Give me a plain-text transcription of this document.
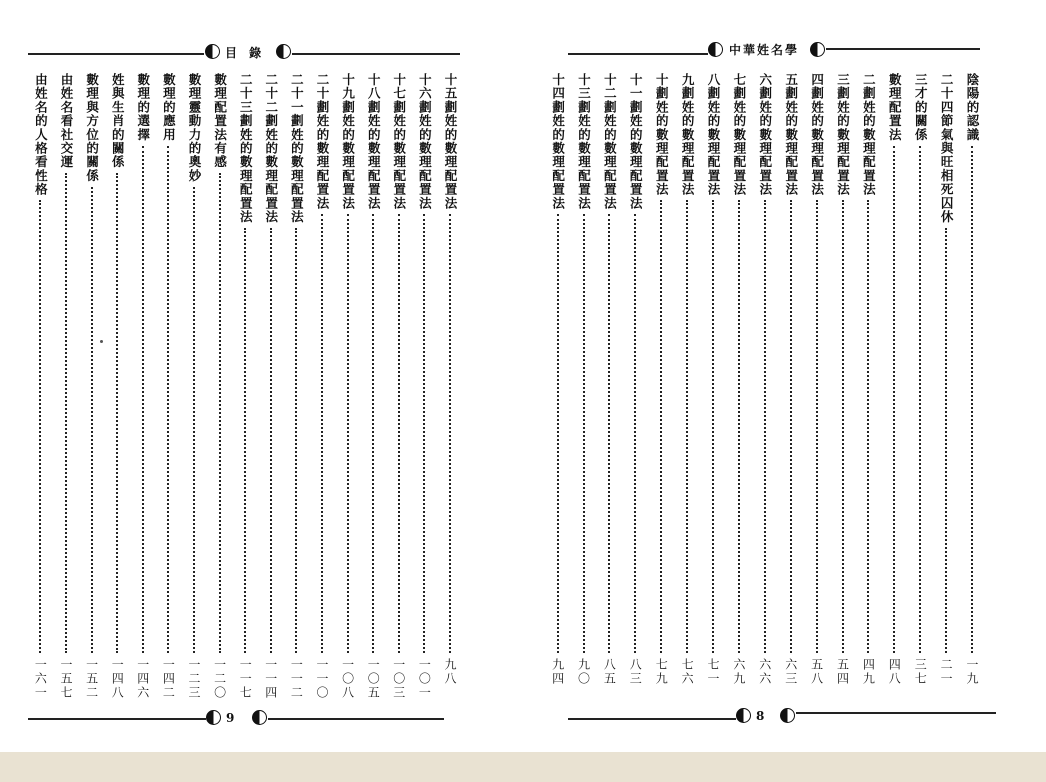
目 錄
十五劃姓的數理配置法
九八
十六劃姓的數理配置法
一〇一
十七劃姓的數理配置法
一〇三
十八劃姓的數理配置法
一〇五
十九劃姓的數理配置法
一〇八
二十劃姓的數理配置法
一一〇
二十一劃姓的數理配置法
一一二
二十二劃姓的數理配置法
一一四
二十三劃姓的數理配置法
一一七
數理配置法有感
一二〇
數理靈動力的奧妙
一二三
數理的應用
一四二
數理的選擇
一四六
姓與生肖的關係
一四八
數理與方位的關係
一五二
由姓名看社交運
一五七
由姓名的人格看性格
一六一
9
中華姓名學
陰陽的認識
一九
二十四節氣與旺相死囚休
二一
三才的關係
三七
數理配置法
四八
二劃姓的數理配置法
四九
三劃姓的數理配置法
五四
四劃姓的數理配置法
五八
五劃姓的數理配置法
六三
六劃姓的數理配置法
六六
七劃姓的數理配置法
六九
八劃姓的數理配置法
七一
九劃姓的數理配置法
七六
十劃姓的數理配置法
七九
十一劃姓的數理配置法
八三
十二劃姓的數理配置法
八五
十三劃姓的數理配置法
九〇
十四劃姓的數理配置法
九四
8
